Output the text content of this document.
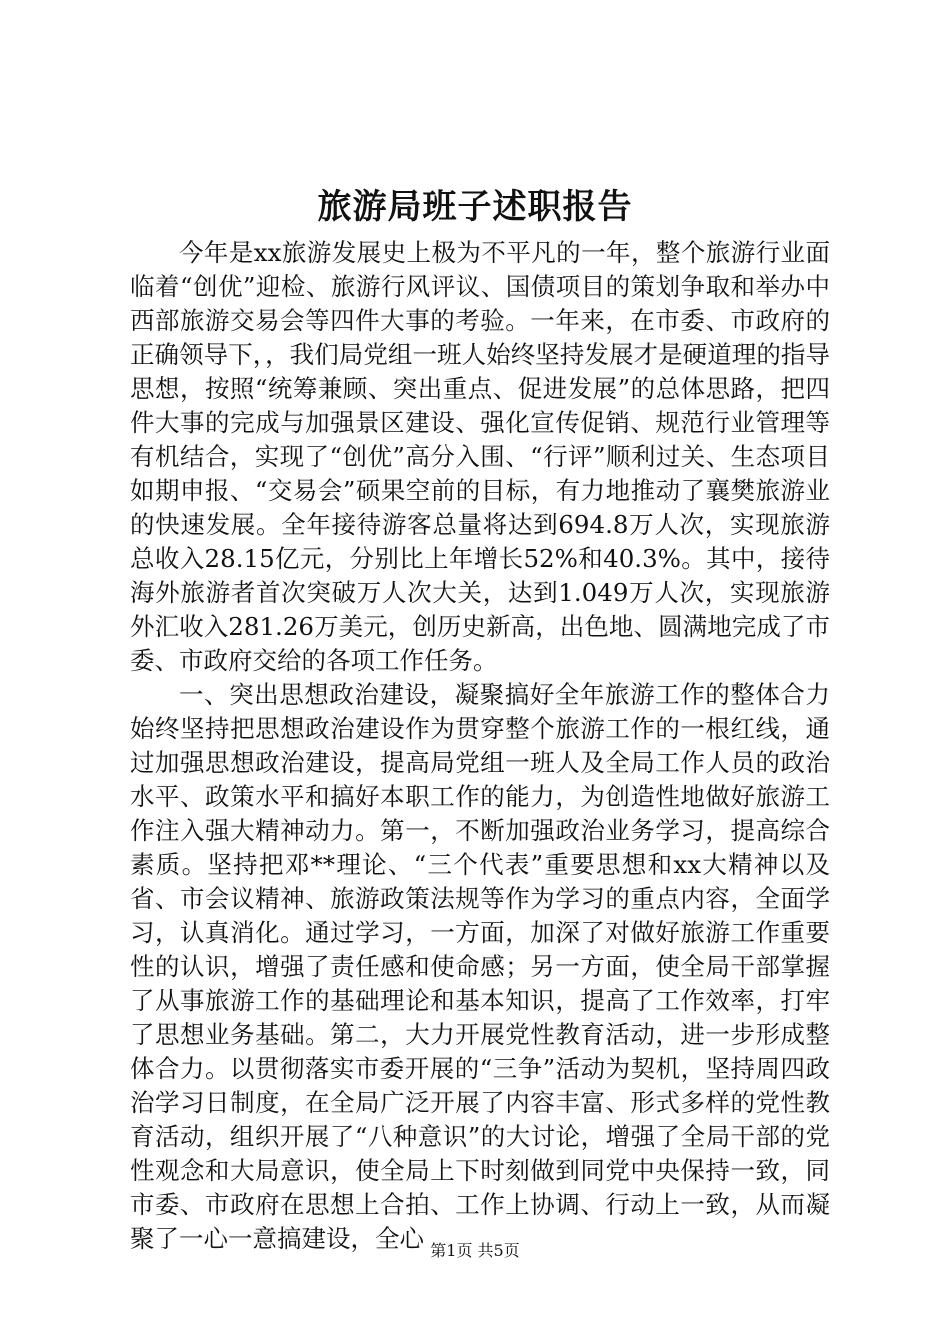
旅游局班子述职报告

今年是xx旅游发展史上极为不平凡的一年，整个旅游行业面临着“创优”迎检、旅游行风评议、国债项目的策划争取和举办中西部旅游交易会等四件大事的考验。一年来，在市委、市政府的正确领导下，，我们局党组一班人始终坚持发展才是硬道理的指导思想，按照“统筹兼顾、突出重点、促进发展”的总体思路，把四件大事的完成与加强景区建设、强化宣传促销、规范行业管理等有机结合，实现了“创优”高分入围、“行评”顺利过关、生态项目如期申报、“交易会”硕果空前的目标，有力地推动了襄樊旅游业的快速发展。全年接待游客总量将达到694.8万人次，实现旅游总收入28.15亿元，分别比上年增长52%和40.3%。其中，接待海外旅游者首次突破万人次大关，达到1.049万人次，实现旅游外汇收入281.26万美元，创历史新高，出色地、圆满地完成了市委、市政府交给的各项工作任务。

一、突出思想政治建设，凝聚搞好全年旅游工作的整体合力始终坚持把思想政治建设作为贯穿整个旅游工作的一根红线，通过加强思想政治建设，提高局党组一班人及全局工作人员的政治水平、政策水平和搞好本职工作的能力，为创造性地做好旅游工作注入强大精神动力。第一，不断加强政治业务学习，提高综合素质。坚持把邓**理论、“三个代表”重要思想和xx大精神以及省、市会议精神、旅游政策法规等作为学习的重点内容，全面学习，认真消化。通过学习，一方面，加深了对做好旅游工作重要性的认识，增强了责任感和使命感；另一方面，使全局干部掌握了从事旅游工作的基础理论和基本知识，提高了工作效率，打牢了思想业务基础。第二，大力开展党性教育活动，进一步形成整体合力。以贯彻落实市委开展的“三争”活动为契机，坚持周四政治学习日制度，在全局广泛开展了内容丰富、形式多样的党性教育活动，组织开展了“八种意识”的大讨论，增强了全局干部的党性观念和大局意识，使全局上下时刻做到同党中央保持一致，同市委、市政府在思想上合拍、工作上协调、行动上一致，从而凝聚了一心一意搞建设，全心 第1页 共5页
